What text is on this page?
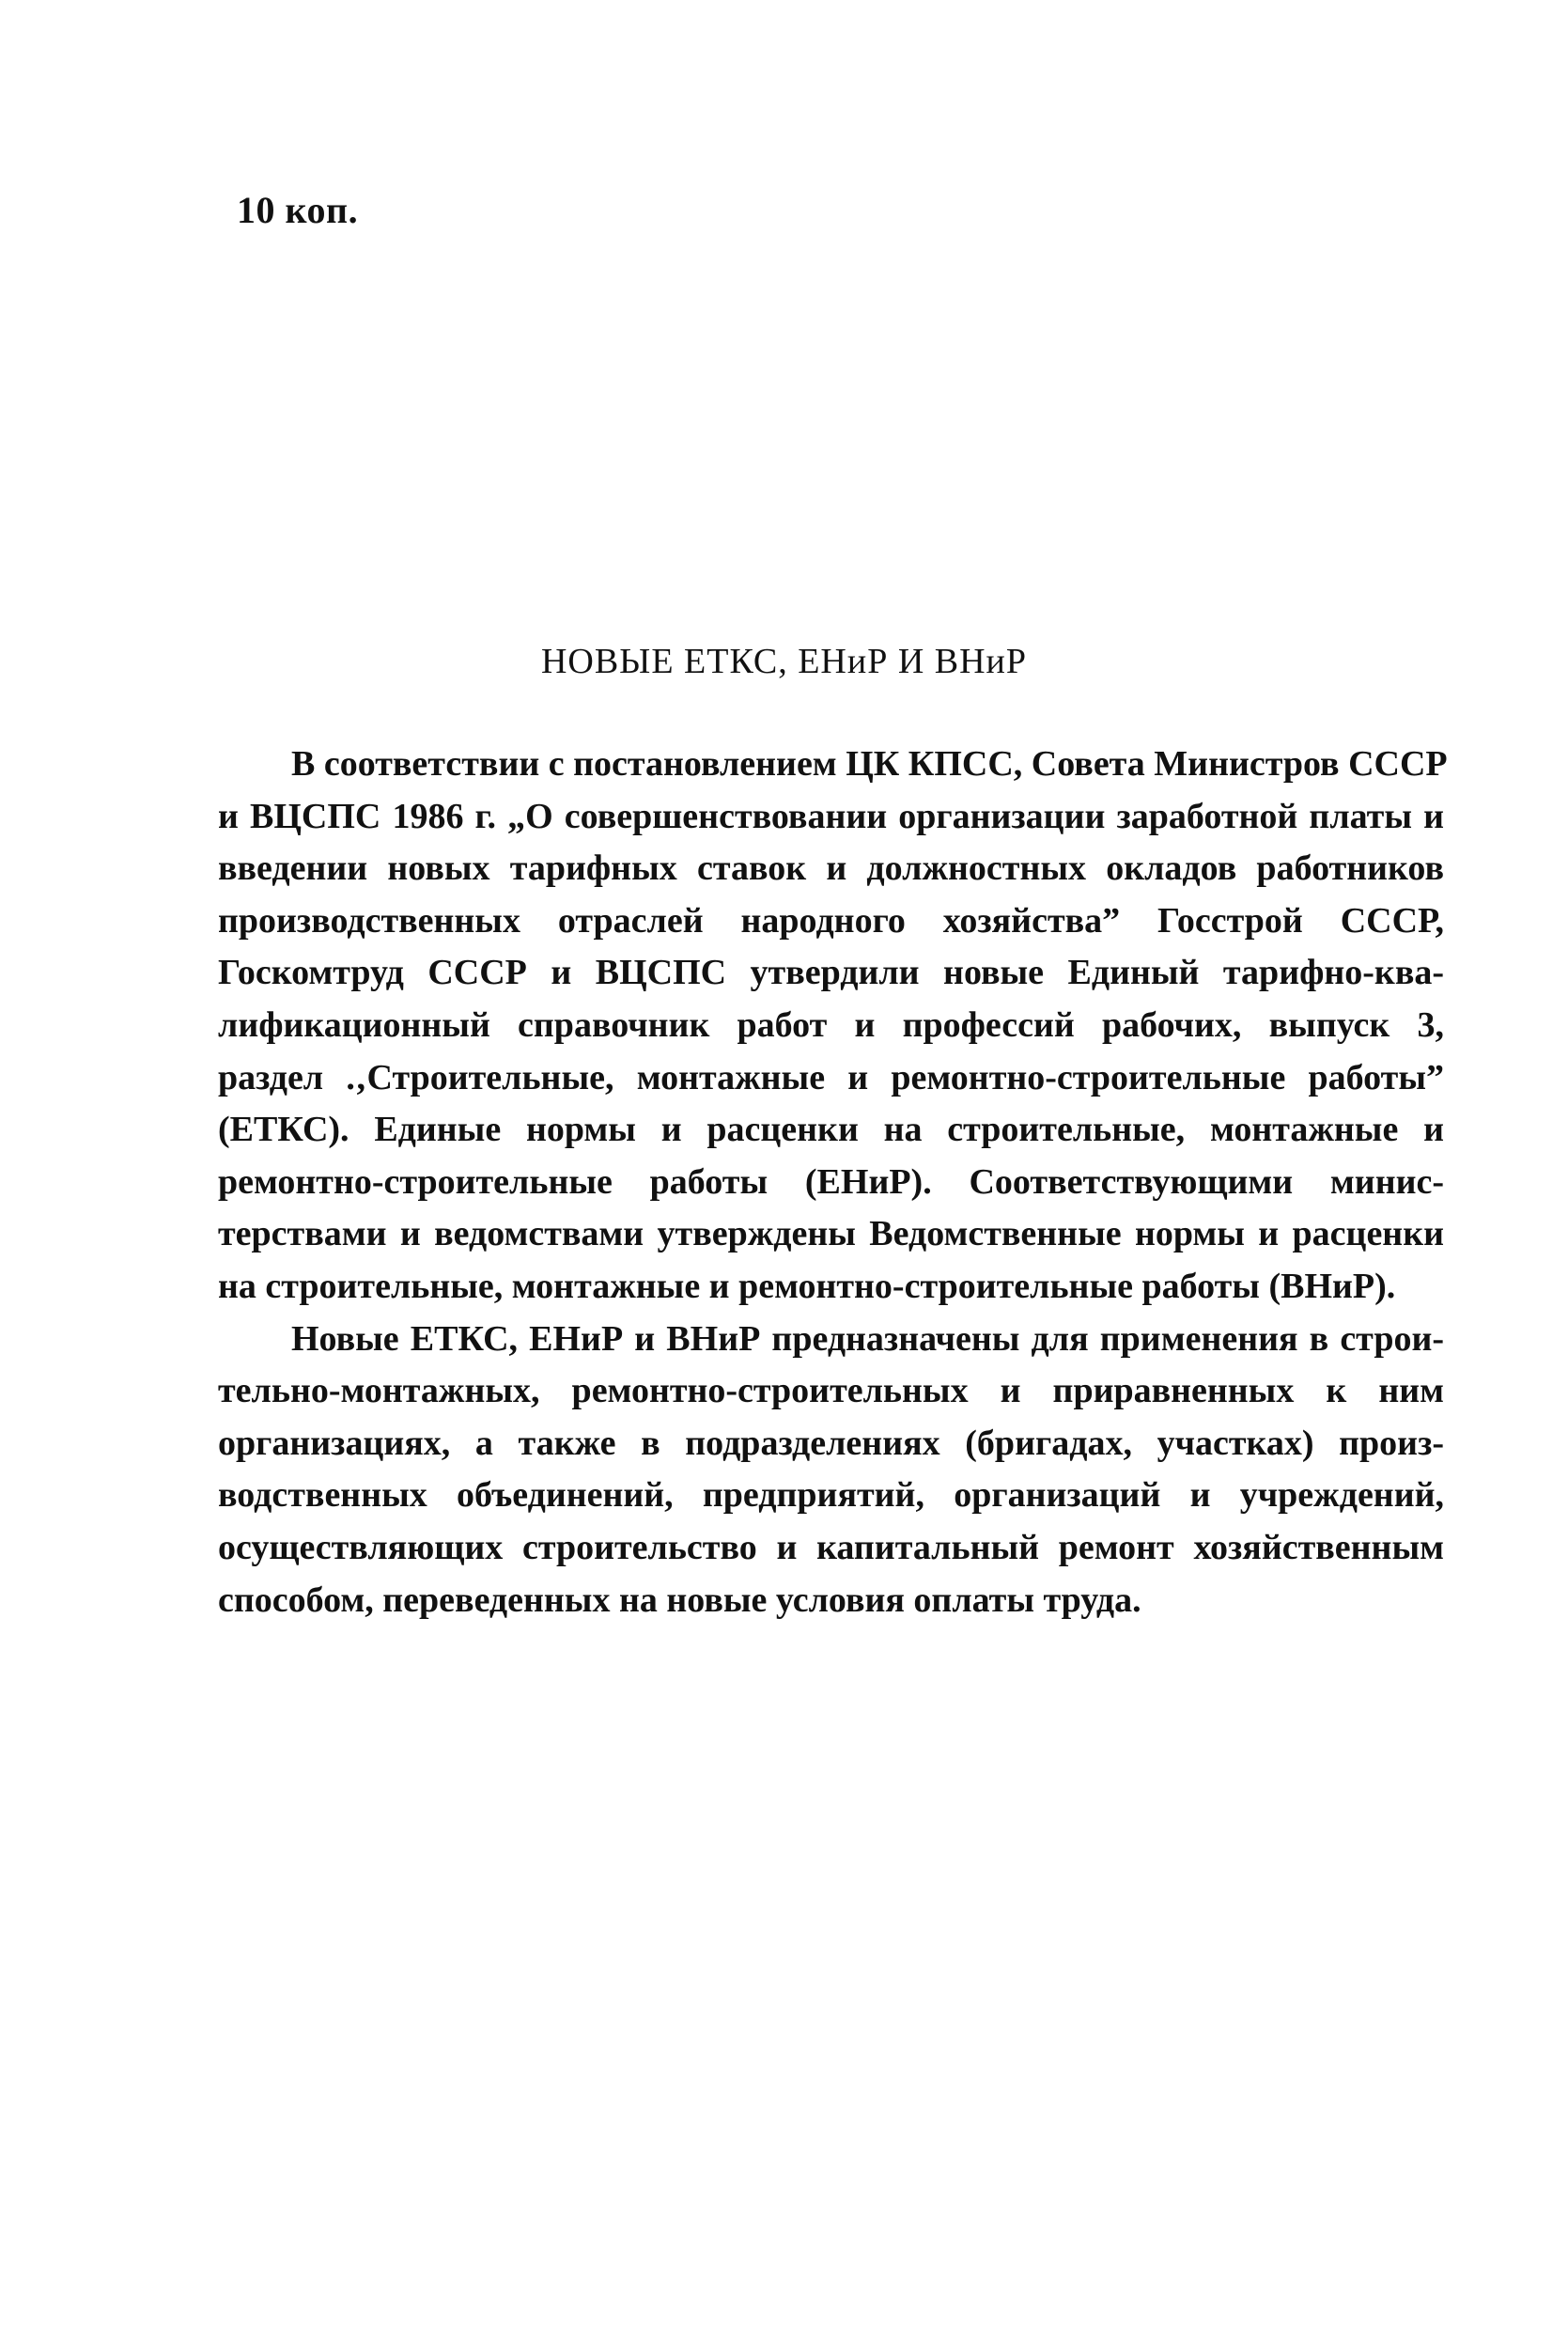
10 коп.
НОВЫЕ ЕТКС, ЕНиР И ВНиР
В соответствии с постановлением ЦК КПСС, Совета Министров СССР
и ВЦСПС 1986 г. „О совершенствовании организации заработной платы и
введении новых тарифных ставок и должностных окладов работников
производственных отраслей народного хозяйства” Госстрой СССР,
Госкомтруд СССР и ВЦСПС утвердили новые Единый тарифно-ква-
лификационный справочник работ и профессий рабочих, выпуск 3,
раздел .‚Строительные, монтажные и ремонтно-строительные работы”
(ЕТКС). Единые нормы и расценки на строительные, монтажные и
ремонтно-строительные работы (ЕНиР). Соответствующими минис-
терствами и ведомствами утверждены Ведомственные нормы и расценки
на строительные, монтажные и ремонтно-строительные работы (ВНиР).
Новые ЕТКС, ЕНиР и ВНиР предназначены для применения в строи-
тельно-монтажных, ремонтно-строительных и приравненных к ним
организациях, а также в подразделениях (бригадах, участках) произ-
водственных объединений, предприятий, организаций и учреждений,
осуществляющих строительство и капитальный ремонт хозяйственным
способом, переведенных на новые условия оплаты труда.
